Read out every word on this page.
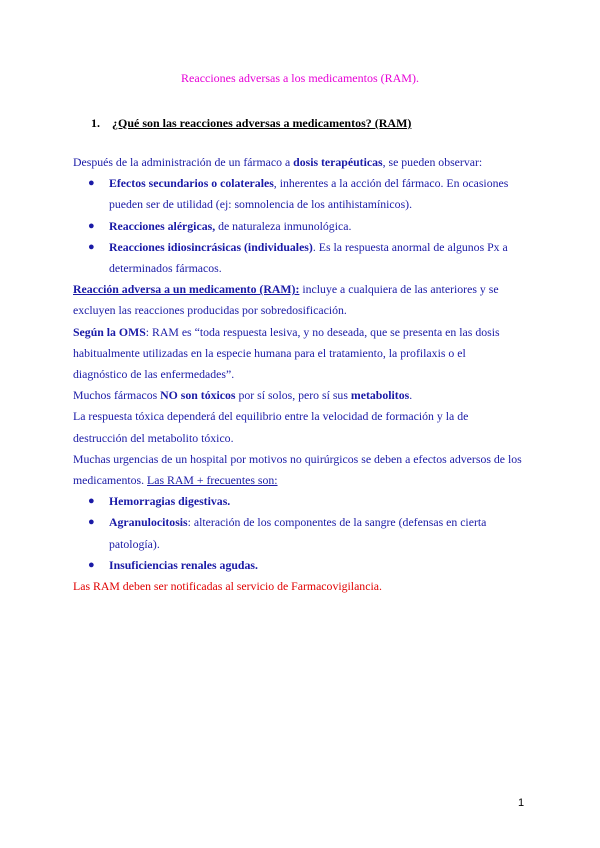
Reacciones adversas a los medicamentos (RAM).
1. ¿Qué son las reacciones adversas a medicamentos? (RAM)

Después de la administración de un fármaco a dosis terapéuticas, se pueden observar:

● Efectos secundarios o colaterales, inherentes a la acción del fármaco. En ocasiones pueden ser de utilidad (ej: somnolencia de los antihistamínicos).
● Reacciones alérgicas, de naturaleza inmunológica.
● Reacciones idiosincrásicas (individuales). Es la respuesta anormal de algunos Px a determinados fármacos.

Reacción adversa a un medicamento (RAM): incluye a cualquiera de las anteriores y se excluyen las reacciones producidas por sobredosificación.

Según la OMS: RAM es “toda respuesta lesiva, y no deseada, que se presenta en las dosis habitualmente utilizadas en la especie humana para el tratamiento, la profilaxis o el diagnóstico de las enfermedades”.

Muchos fármacos NO son tóxicos por sí solos, pero sí sus metabolitos.

La respuesta tóxica dependerá del equilibrio entre la velocidad de formación y la de destrucción del metabolito tóxico.

Muchas urgencias de un hospital por motivos no quirúrgicos se deben a efectos adversos de los medicamentos. Las RAM + frecuentes son:

● Hemorragias digestivas.
● Agranulocitosis: alteración de los componentes de la sangre (defensas en cierta patología).
● Insuficiencias renales agudas.

Las RAM deben ser notificadas al servicio de Farmacovigilancia.

1
